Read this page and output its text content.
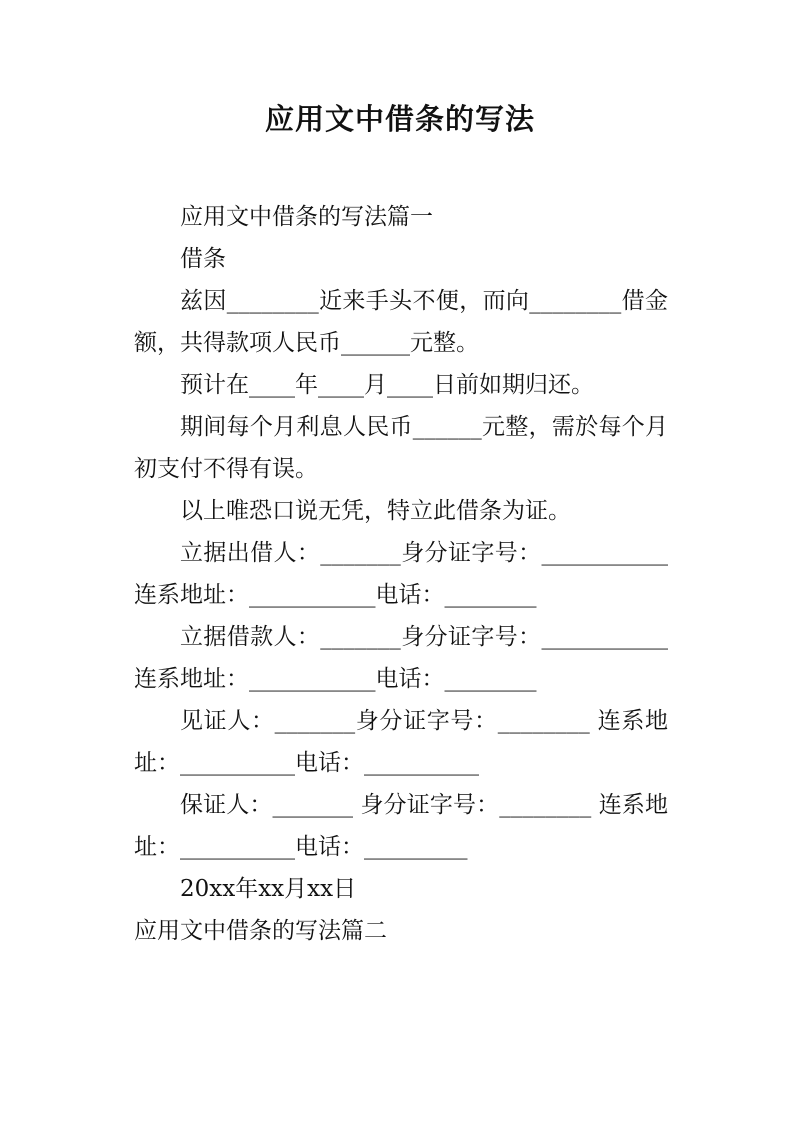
应用文中借条的写法

应用文中借条的写法篇一

借条

兹因________近来手头不便，而向________借金额，共得款项人民币______元整。

预计在____年____月____日前如期归还。

期间每个月利息人民币______元整，需於每个月初支付不得有误。

以上唯恐口说无凭，特立此借条为证。

立据出借人：_______身分证字号：___________        连系地址：___________电话：________

立据借款人：_______身分证字号：___________        连系地址：___________电话：________

见证人：_______身分证字号：________ 连系地址：__________电话：__________

保证人：_______ 身分证字号：________ 连系地址：__________电话：_________

20xx年xx月xx日

应用文中借条的写法篇二
